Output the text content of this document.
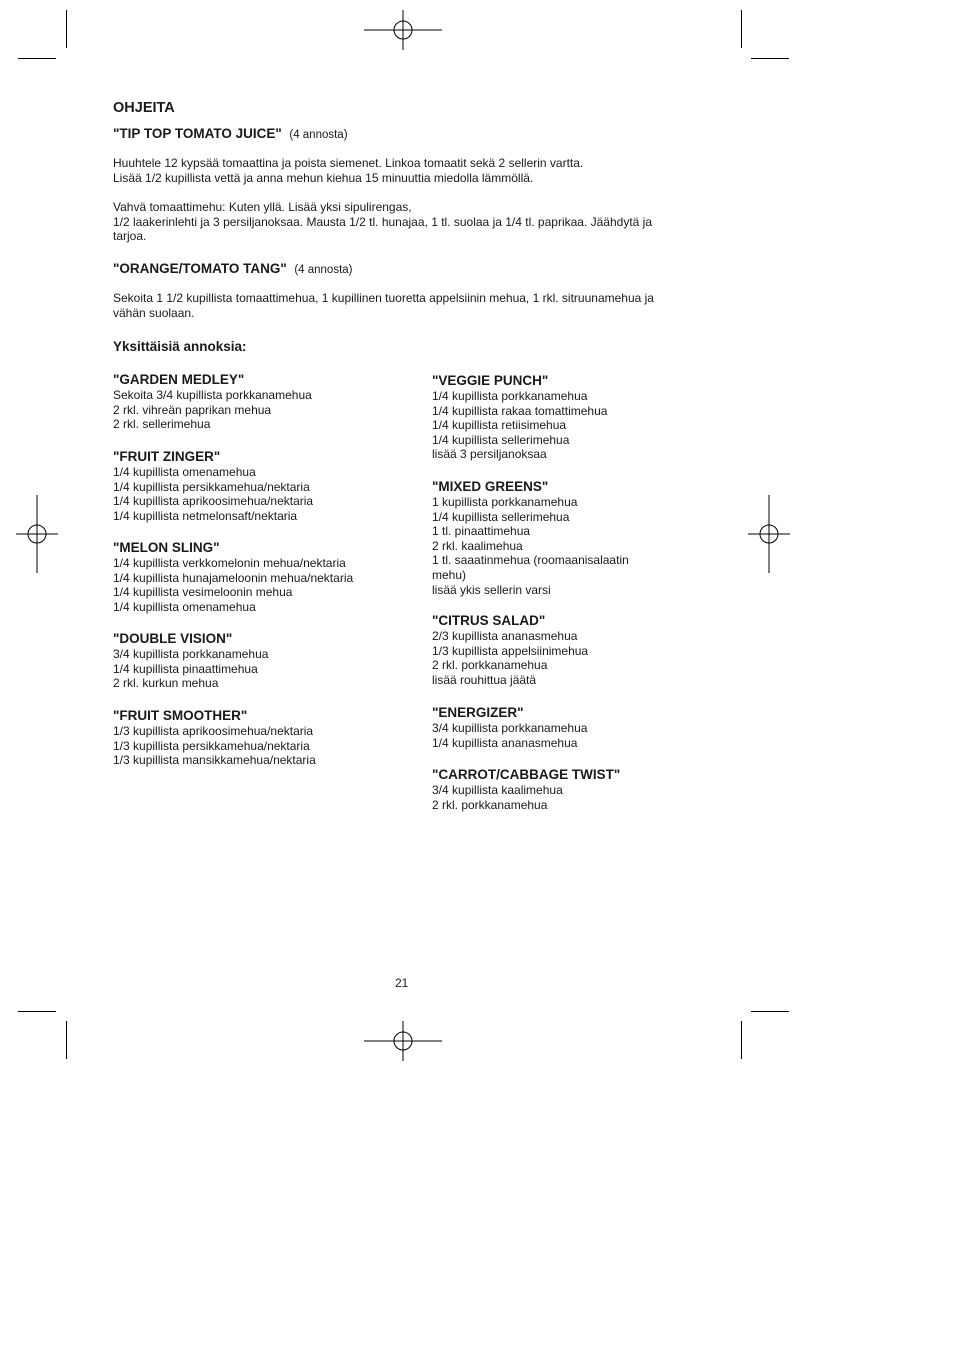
OHJEITA
"TIP TOP TOMATO JUICE" (4 annosta)
Huuhtele 12 kypsää tomaattina ja poista siemenet. Linkoa tomaatit sekä 2 sellerin vartta.
Lisää 1/2 kupillista vettä ja anna mehun kiehua 15 minuuttia miedolla lämmöllä.
Vahvä tomaattimehu: Kuten yllä. Lisää yksi sipulirengas,
1/2 laakerinlehti ja 3 persiljanoksaa. Mausta 1/2 tl. hunajaa, 1 tl. suolaa ja 1/4 tl. paprikaa. Jäähdytä ja
tarjoa.
"ORANGE/TOMATO TANG" (4 annosta)
Sekoita 1 1/2 kupillista tomaattimehua, 1 kupillinen tuoretta appelsiinin mehua, 1 rkl. sitruunamehua ja
vähän suolaan.
Yksittäisiä annoksia:
"GARDEN MEDLEY"
Sekoita 3/4 kupillista porkkanamehua
2 rkl. vihreän paprikan mehua
2 rkl. sellerimehua
"FRUIT ZINGER"
1/4 kupillista omenamehua
1/4 kupillista persikkamehua/nektaria
1/4 kupillista aprikoosimehua/nektaria
1/4 kupillista netmelonsaft/nektaria
"MELON SLING"
1/4 kupillista verkkomelonin mehua/nektaria
1/4 kupillista hunajameloonin mehua/nektaria
1/4 kupillista vesimeloonin mehua
1/4 kupillista omenamehua
"DOUBLE VISION"
3/4 kupillista porkkanamehua
1/4 kupillista pinaattimehua
2 rkl. kurkun mehua
"FRUIT SMOOTHER"
1/3 kupillista aprikoosimehua/nektaria
1/3 kupillista persikkamehua/nektaria
1/3 kupillista mansikkamehua/nektaria
"VEGGIE PUNCH"
1/4 kupillista porkkanamehua
1/4 kupillista rakaa tomattimehua
1/4 kupillista retiisimehua
1/4 kupillista sellerimehua
lisää 3 persiljanoksaa
"MIXED GREENS"
1 kupillista porkkanamehua
1/4 kupillista sellerimehua
1 tl. pinaattimehua
2 rkl. kaalimehua
1 tl. saaatinmehua (roomaanisalaatin
mehu)
lisää ykis sellerin varsi
"CITRUS SALAD"
2/3 kupillista ananasmehua
1/3 kupillista appelsiinimehua
2 rkl. porkkanamehua
lisää rouhittua jäätä
"ENERGIZER"
3/4 kupillista porkkanamehua
1/4 kupillista ananasmehua
"CARROT/CABBAGE TWIST"
3/4 kupillista kaalimehua
2 rkl. porkkanamehua
21
